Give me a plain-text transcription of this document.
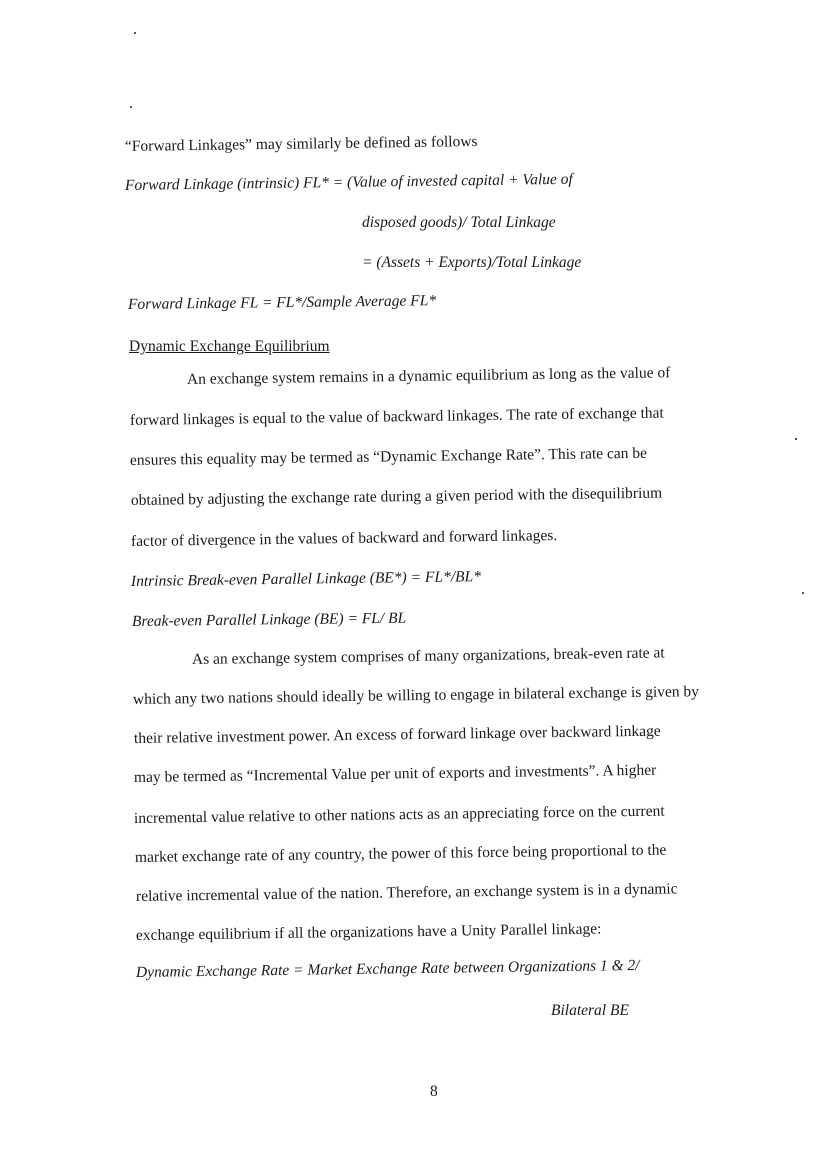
“Forward Linkages” may similarly be defined as follows
Forward Linkage (intrinsic) FL* = (Value of invested capital + Value of
disposed goods)/ Total Linkage
= (Assets + Exports)/Total Linkage
Forward Linkage FL = FL*/Sample Average FL*
Dynamic Exchange Equilibrium
An exchange system remains in a dynamic equilibrium as long as the value of
forward linkages is equal to the value of backward linkages. The rate of exchange that
ensures this equality may be termed as “Dynamic Exchange Rate”. This rate can be
obtained by adjusting the exchange rate during a given period with the disequilibrium
factor of divergence in the values of backward and forward linkages.
Intrinsic Break-even Parallel Linkage (BE*) = FL*/BL*
Break-even Parallel Linkage (BE) = FL/ BL
As an exchange system comprises of many organizations, break-even rate at
which any two nations should ideally be willing to engage in bilateral exchange is given by
their relative investment power. An excess of forward linkage over backward linkage
may be termed as “Incremental Value per unit of exports and investments”. A higher
incremental value relative to other nations acts as an appreciating force on the current
market exchange rate of any country, the power of this force being proportional to the
relative incremental value of the nation. Therefore, an exchange system is in a dynamic
exchange equilibrium if all the organizations have a Unity Parallel linkage:
Dynamic Exchange Rate = Market Exchange Rate between Organizations 1 & 2/
Bilateral BE
8
